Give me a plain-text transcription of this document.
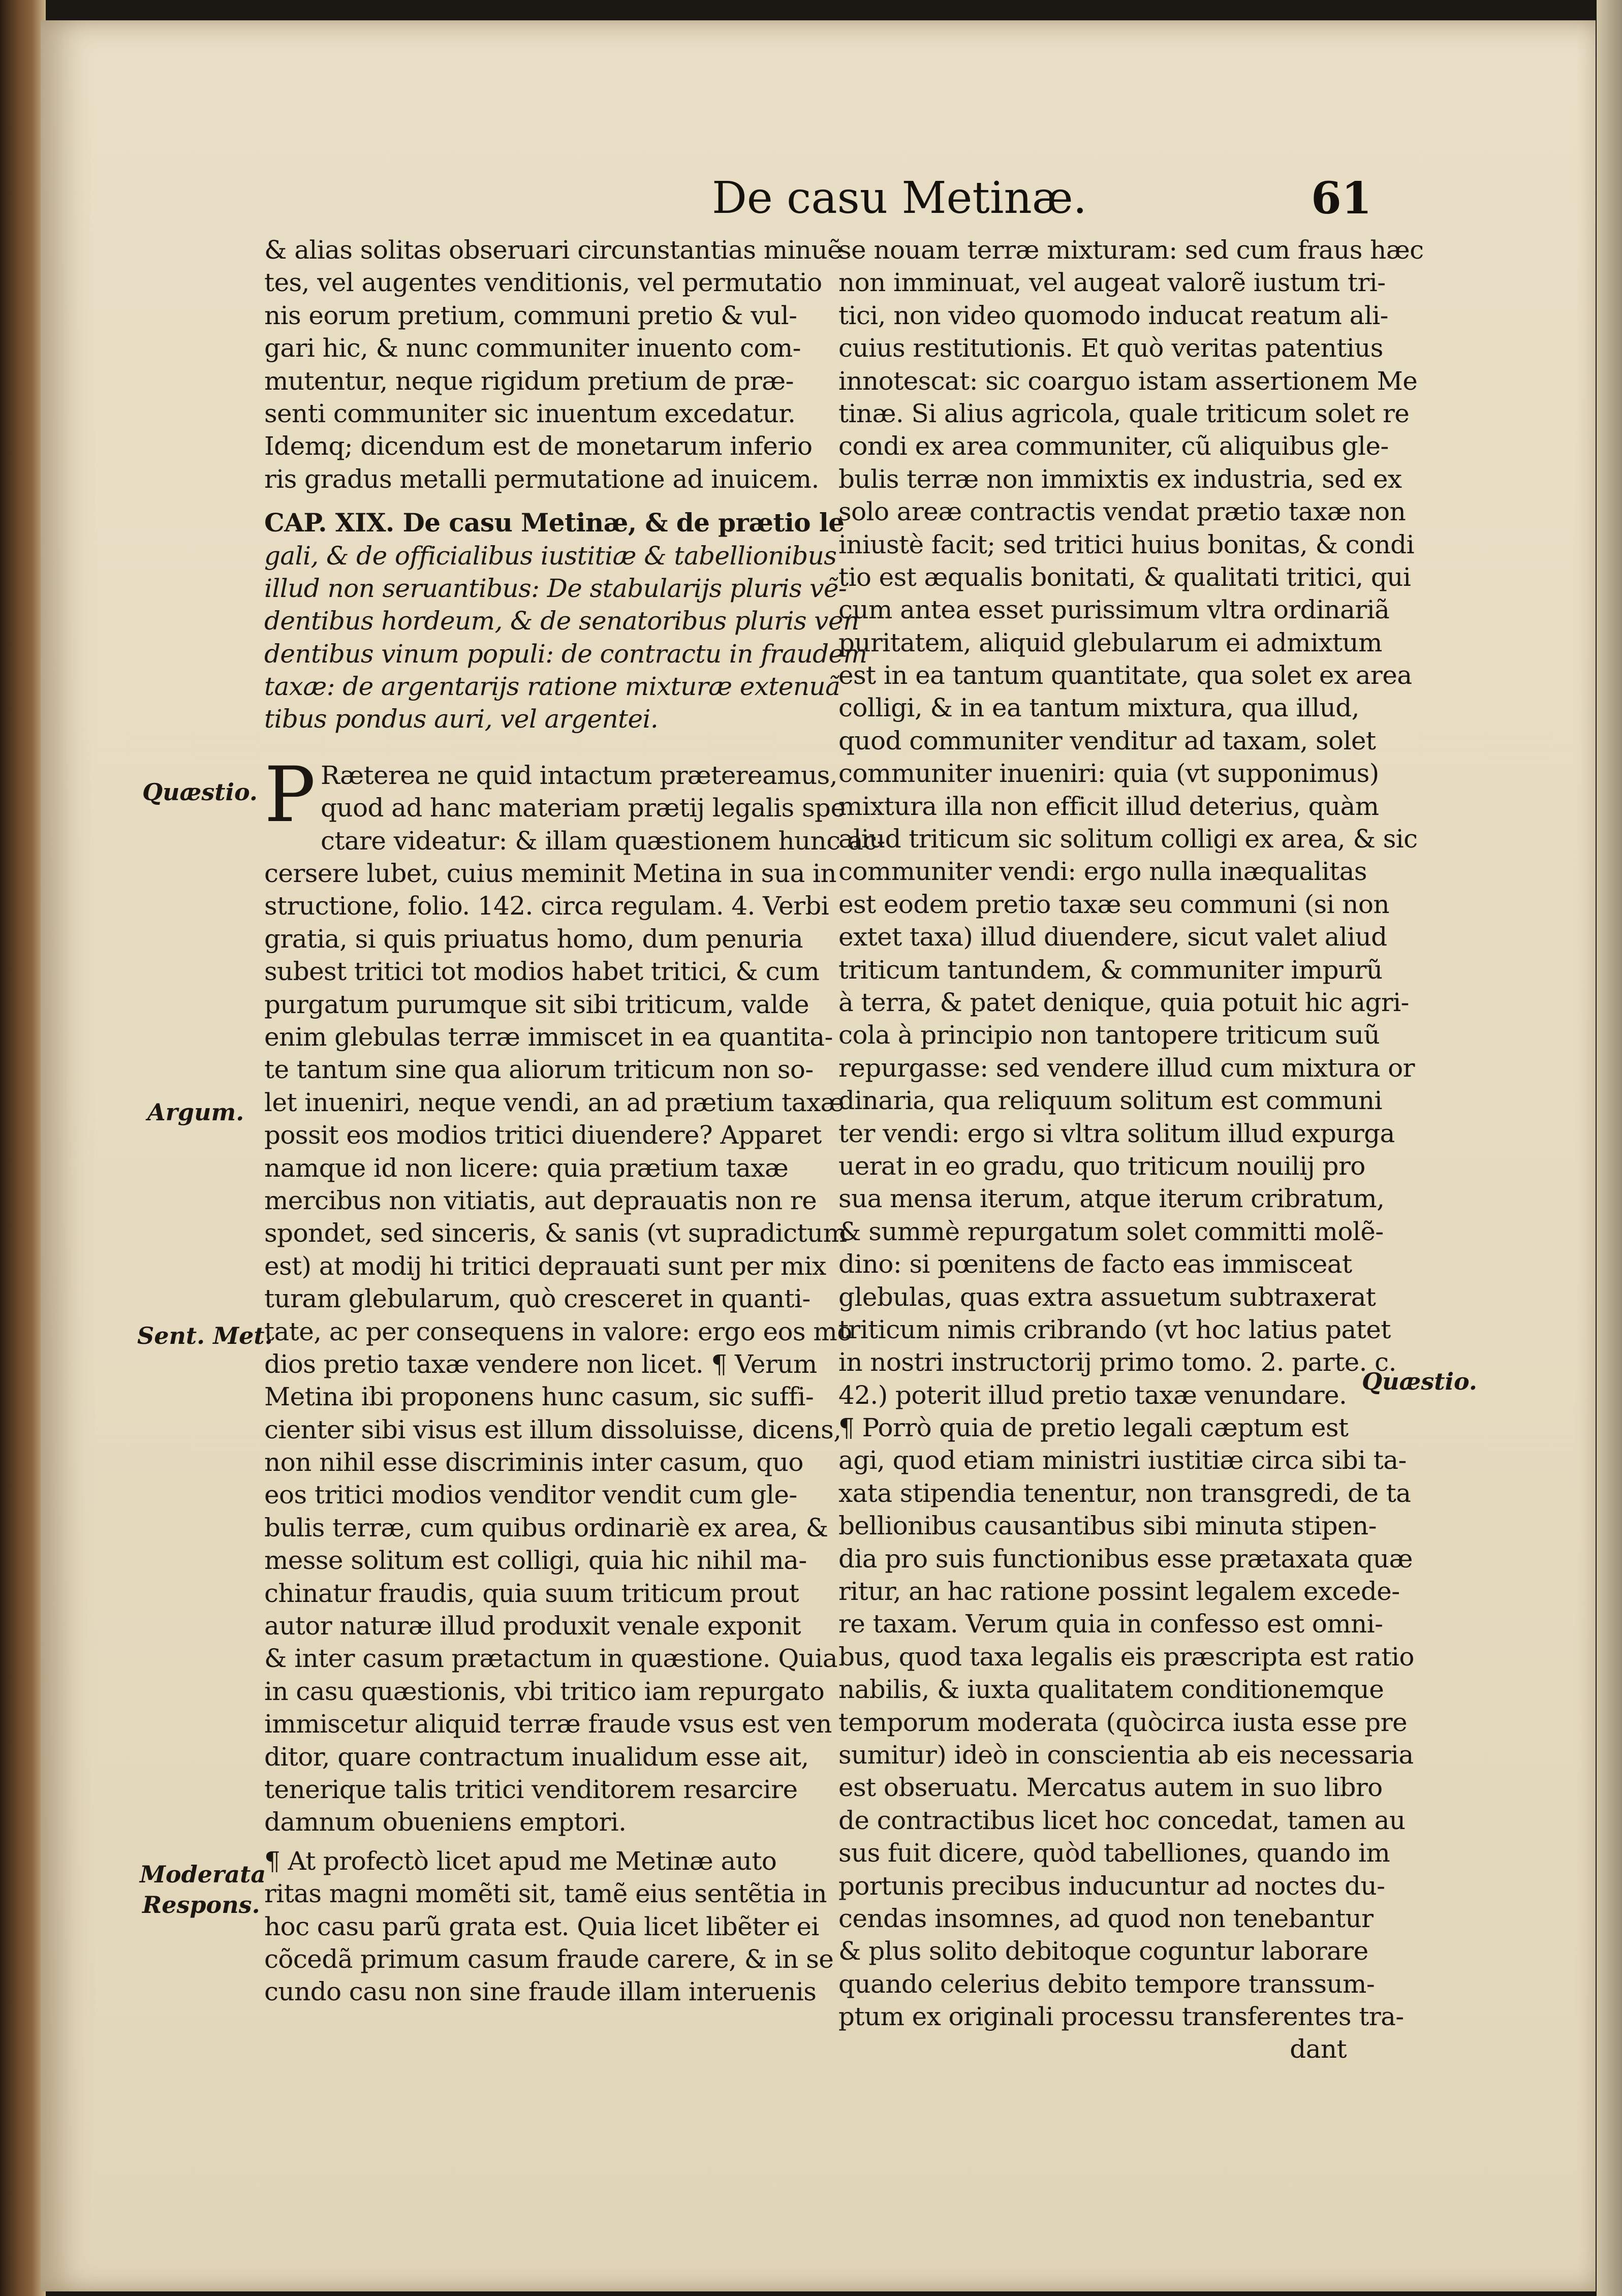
De casu Metinæ.	61

& alias solitas obseruari circunstantias minuẽ
tes, vel augentes venditionis, vel permutatio
nis eorum pretium, communi pretio & vul-
gari hic, & nunc communiter inuento com-
mutentur, neque rigidum pretium de præ-
senti communiter sic inuentum excedatur.
Idemq; dicendum est de monetarum inferio
ris gradus metalli permutatione ad inuicem.
CAP. XIX. De casu Metinæ, & de prætio le
gali, & de officialibus iustitiæ & tabellionibus
illud non seruantibus: De stabularijs pluris vẽ-
dentibus hordeum, & de senatoribus pluris ven
dentibus vinum populi: de contractu in fraudem
taxæ: de argentarijs ratione mixturæ extenuã
tibus pondus auri, vel argentei.
P Ræterea ne quid intactum prætereamus,
quod ad hanc materiam prætij legalis spe
ctare videatur: & illam quæstionem hunc ac-
cersere lubet, cuius meminit Metina in sua in
structione, folio. 142. circa regulam. 4. Verbi
gratia, si quis priuatus homo, dum penuria
subest tritici tot modios habet tritici, & cum
purgatum purumque sit sibi triticum, valde
enim glebulas terræ immiscet in ea quantita-
te tantum sine qua aliorum triticum non so-
let inueniri, neque vendi, an ad prætium taxæ
possit eos modios tritici diuendere? Apparet
namque id non licere: quia prætium taxæ
mercibus non vitiatis, aut deprauatis non re
spondet, sed sinceris, & sanis (vt supradictum
est) at modij hi tritici deprauati sunt per mix
turam glebularum, quò cresceret in quanti-
tate, ac per consequens in valore: ergo eos mo
dios pretio taxæ vendere non licet. ¶ Verum
Metina ibi proponens hunc casum, sic suffi-
cienter sibi visus est illum dissoluisse, dicens,
non nihil esse discriminis inter casum, quo
eos tritici modios venditor vendit cum gle-
bulis terræ, cum quibus ordinariè ex area, &
messe solitum est colligi, quia hic nihil ma-
chinatur fraudis, quia suum triticum prout
autor naturæ illud produxit venale exponit
& inter casum prætactum in quæstione. Quia
in casu quæstionis, vbi tritico iam repurgato
immiscetur aliquid terræ fraude vsus est ven
ditor, quare contractum inualidum esse ait,
tenerique talis tritici venditorem resarcire
damnum obueniens emptori.
¶ At profectò licet apud me Metinæ auto
ritas magni momẽti sit, tamẽ eius sentẽtia in
hoc casu parũ grata est. Quia licet libẽter ei
cõcedã primum casum fraude carere, & in se
cundo casu non sine fraude illam interuenis
se nouam terræ mixturam: sed cum fraus hæc
non imminuat, vel augeat valorẽ iustum tri-
tici, non video quomodo inducat reatum ali-
cuius restitutionis. Et quò veritas patentius
innotescat: sic coarguo istam assertionem Me
tinæ. Si alius agricola, quale triticum solet re
condi ex area communiter, cũ aliquibus gle-
bulis terræ non immixtis ex industria, sed ex
solo areæ contractis vendat prætio taxæ non
iniustè facit; sed tritici huius bonitas, & condi
tio est æqualis bonitati, & qualitati tritici, qui
cum antea esset purissimum vltra ordinariã
puritatem, aliquid glebularum ei admixtum
est in ea tantum quantitate, qua solet ex area
colligi, & in ea tantum mixtura, qua illud,
quod communiter venditur ad taxam, solet
communiter inueniri: quia (vt supponimus)
mixtura illa non efficit illud deterius, quàm
aliud triticum sic solitum colligi ex area, & sic
communiter vendi: ergo nulla inæqualitas
est eodem pretio taxæ seu communi (si non
extet taxa) illud diuendere, sicut valet aliud
triticum tantundem, & communiter impurũ
à terra, & patet denique, quia potuit hic agri-
cola à principio non tantopere triticum suũ
repurgasse: sed vendere illud cum mixtura or
dinaria, qua reliquum solitum est communi
ter vendi: ergo si vltra solitum illud expurga
uerat in eo gradu, quo triticum nouilij pro
sua mensa iterum, atque iterum cribratum,
& summè repurgatum solet committi molẽ-
dino: si pœnitens de facto eas immisceat
glebulas, quas extra assuetum subtraxerat
triticum nimis cribrando (vt hoc latius patet
in nostri instructorij primo tomo. 2. parte. c.
42.) poterit illud pretio taxæ venundare.
¶ Porrò quia de pretio legali cæptum est
agi, quod etiam ministri iustitiæ circa sibi ta-
xata stipendia tenentur, non transgredi, de ta
bellionibus causantibus sibi minuta stipen-
dia pro suis functionibus esse prætaxata quæ
ritur, an hac ratione possint legalem excede-
re taxam. Verum quia in confesso est omni-
bus, quod taxa legalis eis præscripta est ratio
nabilis, & iuxta qualitatem conditionemque
temporum moderata (quòcirca iusta esse pre
sumitur) ideò in conscientia ab eis necessaria
est obseruatu. Mercatus autem in suo libro
de contractibus licet hoc concedat, tamen au
sus fuit dicere, quòd tabelliones, quando im
portunis precibus inducuntur ad noctes du-
cendas insomnes, ad quod non tenebantur
& plus solito debitoque coguntur laborare
quando celerius debito tempore transsum-
ptum ex originali processu transferentes tra-
dant
Quæstio.
Argum.
Sent. Met.
Moderata
Respons.
Quæstio.
